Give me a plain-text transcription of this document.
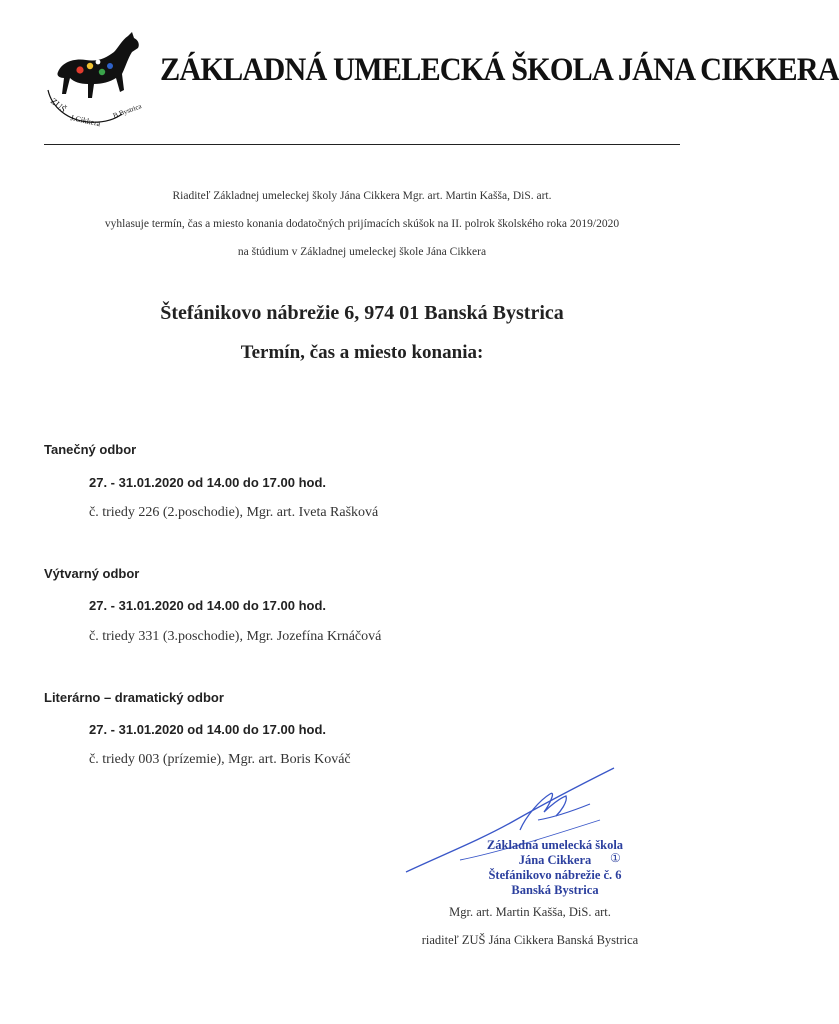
ZUŠ
J.Cikkera
B.Bystrica
ZÁKLADNÁ UMELECKÁ ŠKOLA JÁNA CIKKERA
Riaditeľ Základnej umeleckej školy Jána Cikkera Mgr. art. Martin Kašša, DiS. art.
vyhlasuje termín, čas a miesto konania dodatočných prijímacích skúšok na II. polrok školského roka 2019/2020
na štúdium v Základnej umeleckej škole Jána Cikkera
Štefánikovo nábrežie 6, 974 01 Banská Bystrica
Termín, čas a miesto konania:
Tanečný odbor
27. - 31.01.2020 od 14.00 do 17.00 hod.
č. triedy 226 (2.poschodie), Mgr. art. Iveta Rašková
Výtvarný odbor
27. - 31.01.2020 od 14.00 do 17.00 hod.
č. triedy 331 (3.poschodie), Mgr. Jozefína Krnáčová
Literárno – dramatický odbor
27. - 31.01.2020 od 14.00 do 17.00 hod.
č. triedy 003 (prízemie), Mgr. art. Boris Kováč
Základná umelecká škola
Jána Cikkera
Štefánikovo nábrežie č. 6
Banská Bystrica
①
Mgr. art. Martin Kašša, DiS. art.
riaditeľ ZUŠ Jána Cikkera Banská Bystrica
